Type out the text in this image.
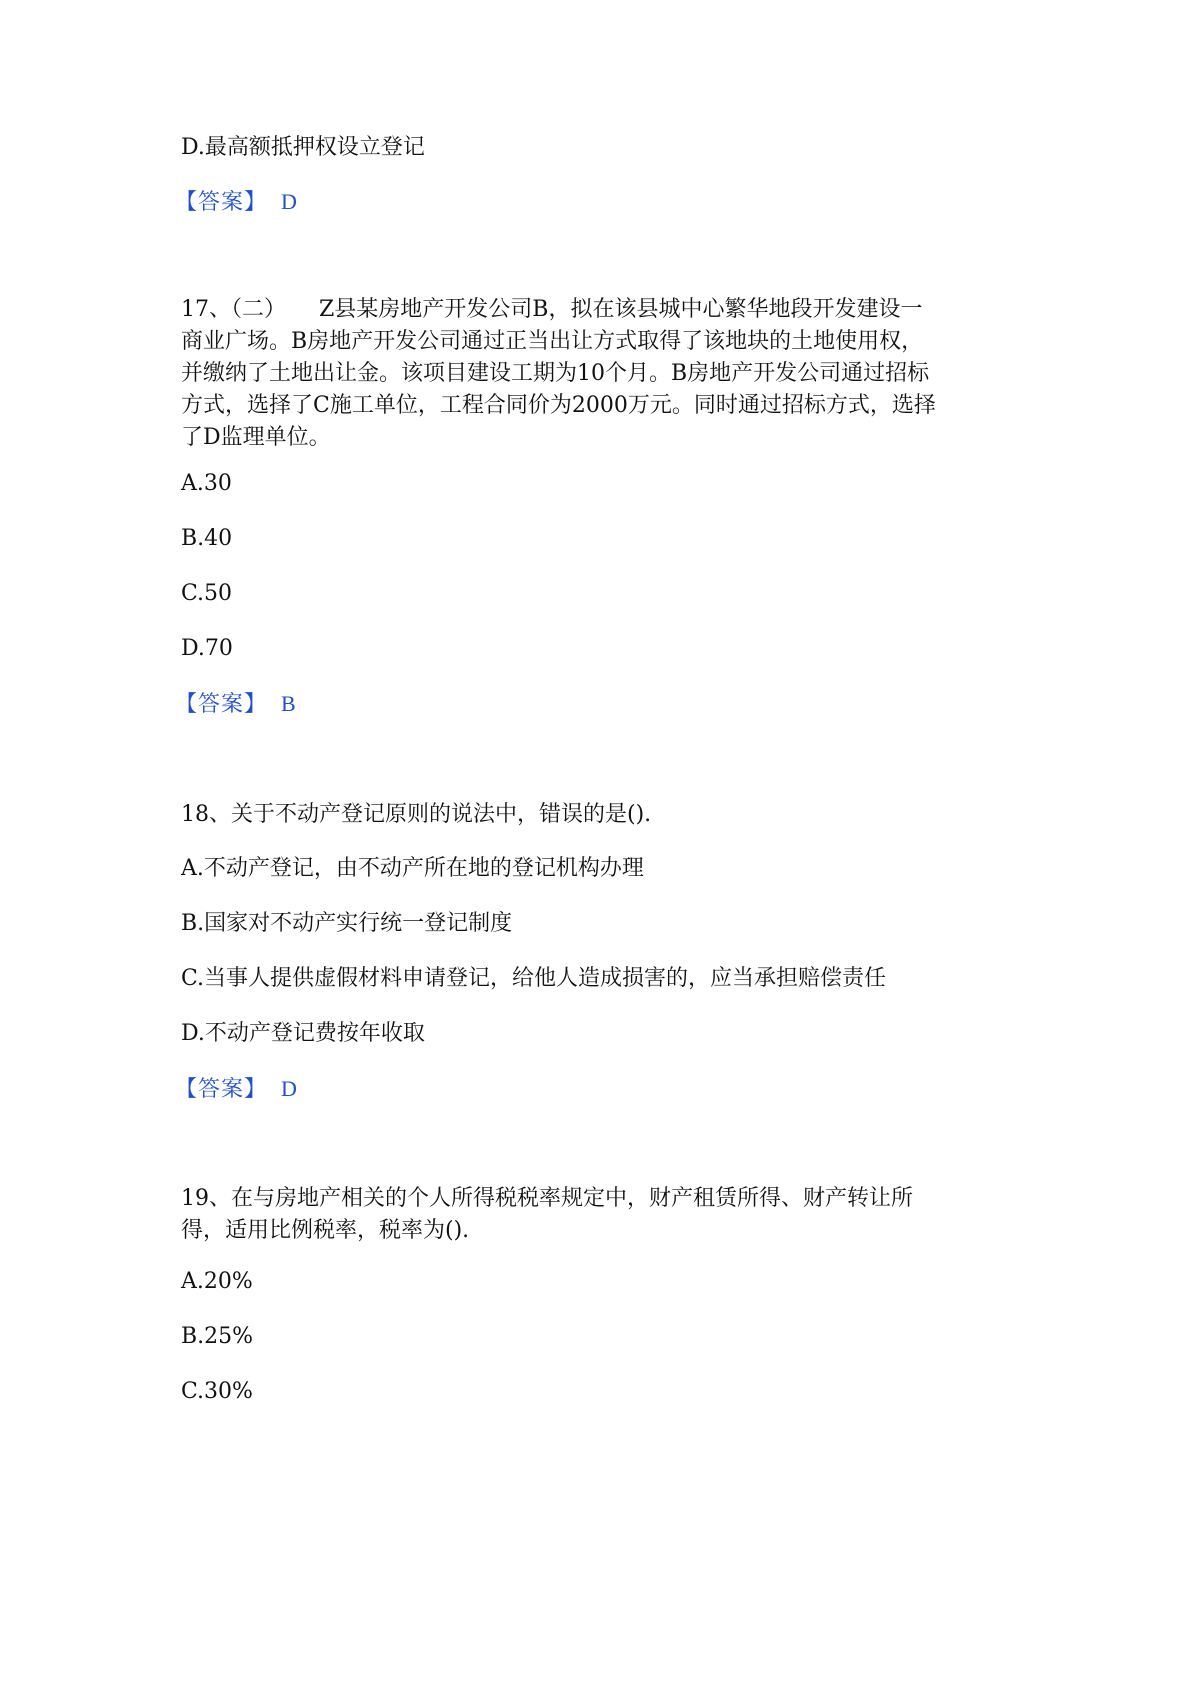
D.最高额抵押权设立登记
【答案】 D
17、（二）　　Z县某房地产开发公司B，拟在该县城中心繁华地段开发建设一
商业广场。B房地产开发公司通过正当出让方式取得了该地块的土地使用权，
并缴纳了土地出让金。该项目建设工期为10个月。B房地产开发公司通过招标
方式，选择了C施工单位，工程合同价为2000万元。同时通过招标方式，选择
了D监理单位。
A.30
B.40
C.50
D.70
【答案】 B
18、关于不动产登记原则的说法中，错误的是().
A.不动产登记，由不动产所在地的登记机构办理
B.国家对不动产实行统一登记制度
C.当事人提供虚假材料申请登记，给他人造成损害的，应当承担赔偿责任
D.不动产登记费按年收取
【答案】 D
19、在与房地产相关的个人所得税税率规定中，财产租赁所得、财产转让所
得，适用比例税率，税率为().
A.20%
B.25%
C.30%
